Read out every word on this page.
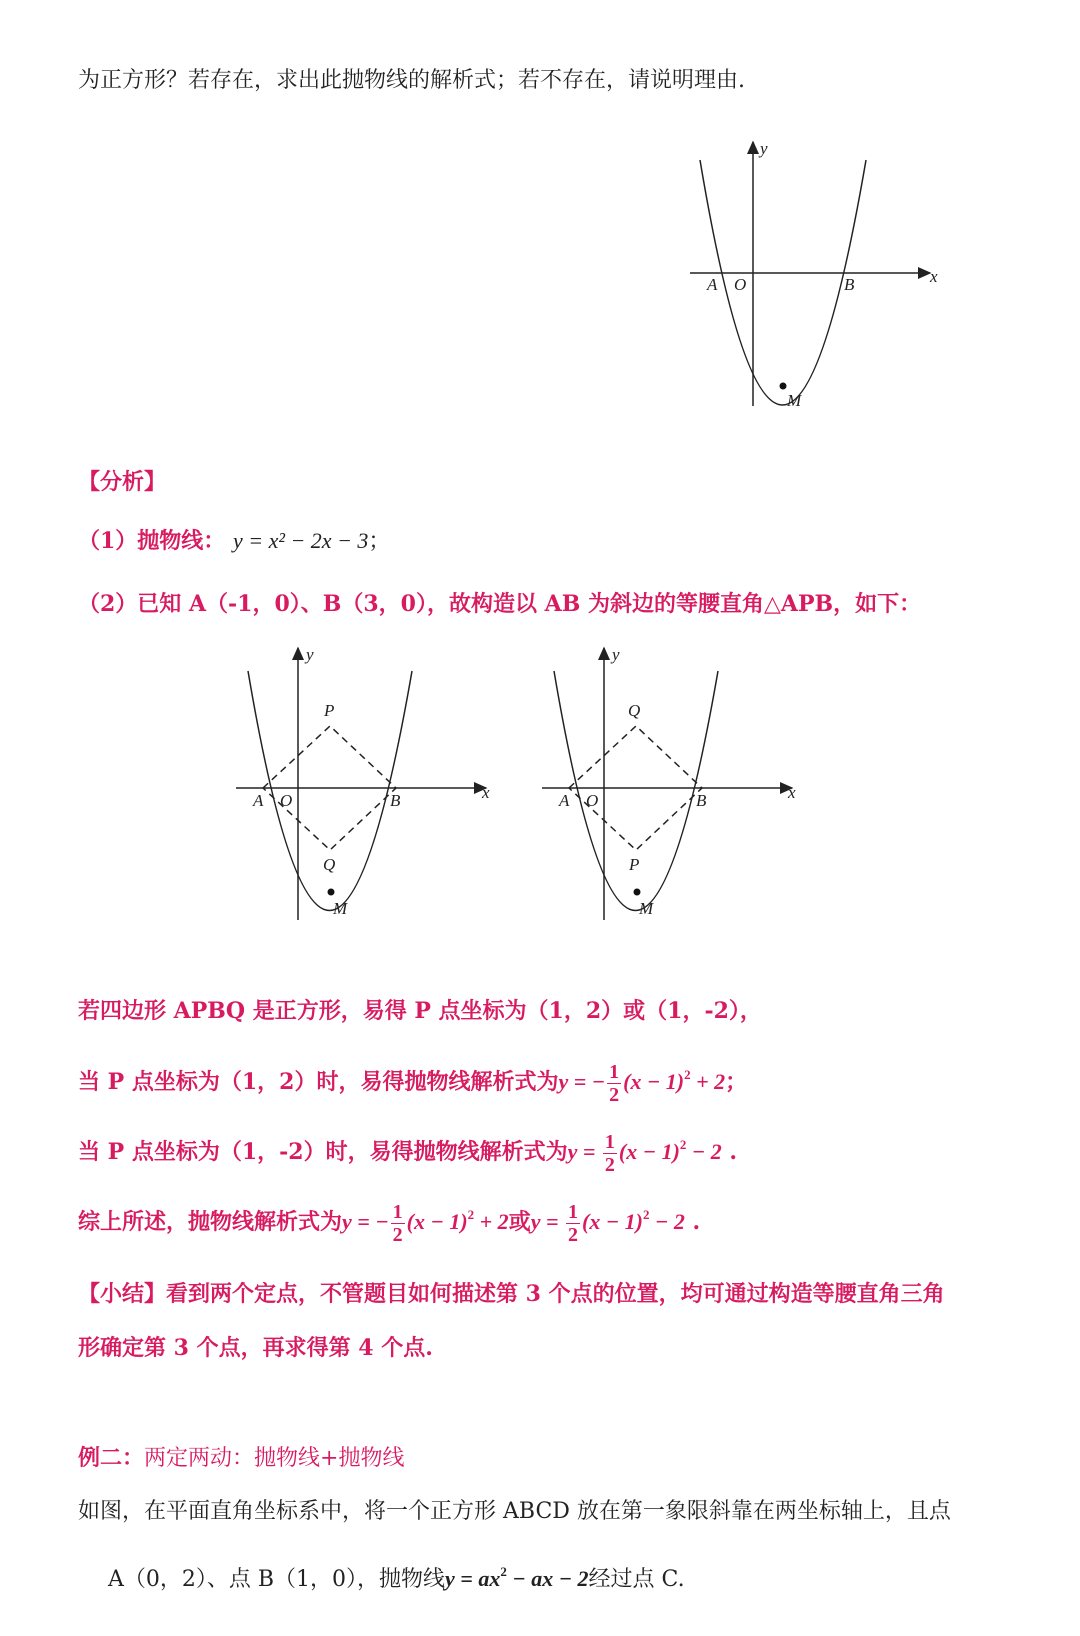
为正方形？若存在，求出此抛物线的解析式；若不存在，请说明理由.
y
x
A O	B
M
【分析】
（1）抛物线： y = x² − 2x − 3；
（2）已知 A（-1，0）、B（3，0），故构造以 AB 为斜边的等腰直角△APB，如下：
y
x
A O	B
P
Q
M
y
x
A O	B
Q
P
M
若四边形 APBQ 是正方形，易得 P 点坐标为（1，2）或（1，-2），
当 P 点坐标为（1，2）时，易得抛物线解析式为y = − $\frac{1}{2} (x - 1)^2 + 2$；
当 P 点坐标为（1，-2）时，易得抛物线解析式为$y = \frac{1}{2} (x - 1)^2 - 2$ .
综上所述，抛物线解析式为y = − $\frac{1}{2} (x - 1)^2 + 2$或$y = \frac{1}{2} (x - 1)^2 - 2$ .
【小结】看到两个定点，不管题目如何描述第 3 个点的位置，均可通过构造等腰直角三角
形确定第 3 个点，再求得第 4 个点.
例二：两定两动：抛物线+抛物线
如图，在平面直角坐标系中，将一个正方形 ABCD 放在第一象限斜靠在两坐标轴上，且点
A（0，2）、点 B（1，0），抛物线$y = ax^2$ − ax − 2经过点 C.
